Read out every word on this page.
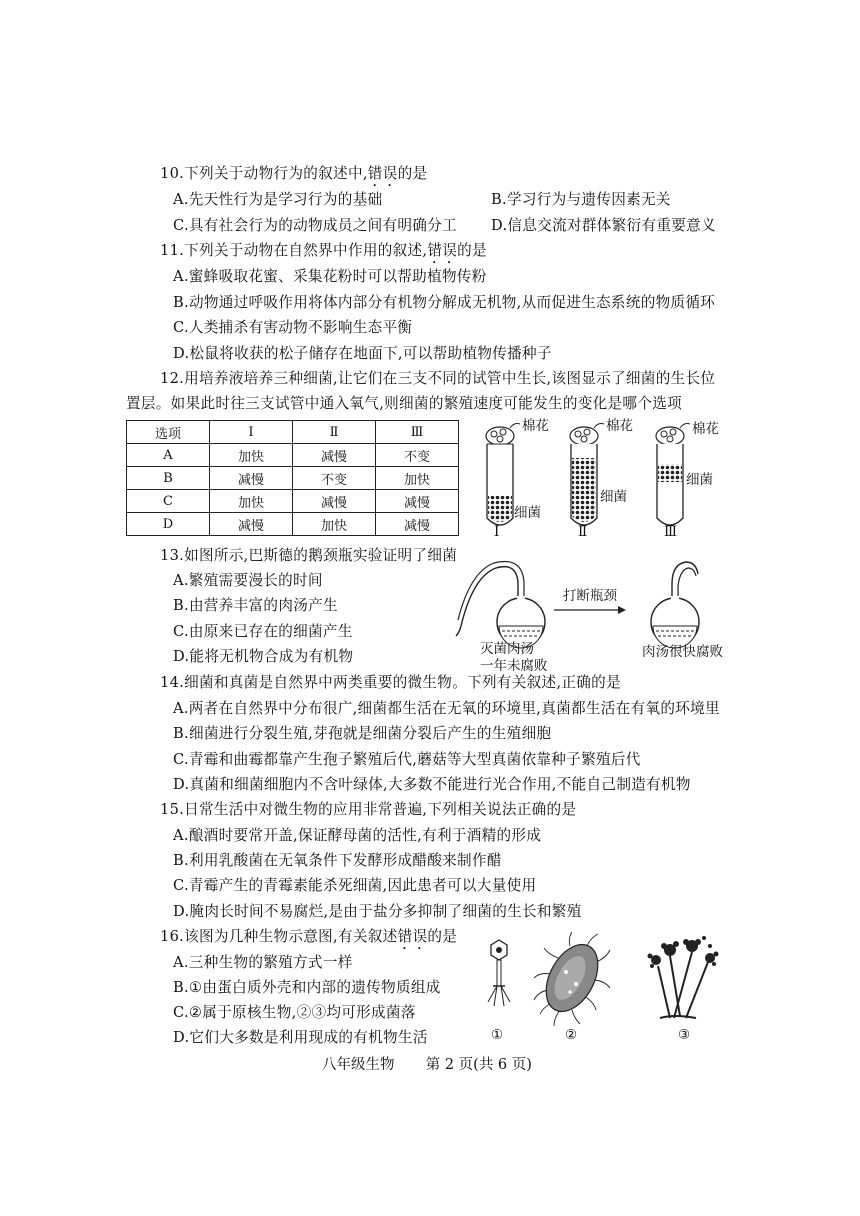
10.下列关于动物行为的叙述中,错误的是
A.先天性行为是学习行为的基础	B.学习行为与遗传因素无关
C.具有社会行为的动物成员之间有明确分工 D.信息交流对群体繁衍有重要意义
11.下列关于动物在自然界中作用的叙述,错误的是
A.蜜蜂吸取花蜜、采集花粉时可以帮助植物传粉
B.动物通过呼吸作用将体内部分有机物分解成无机物,从而促进生态系统的物质循环
C.人类捕杀有害动物不影响生态平衡
D.松鼠将收获的松子储存在地面下,可以帮助植物传播种子
12.用培养液培养三种细菌,让它们在三支不同的试管中生长,该图显示了细菌的生长位
置层。如果此时往三支试管中通入氧气,则细菌的繁殖速度可能发生的变化是哪个选项
选项	Ⅰ	Ⅱ	Ⅲ
A	加快	减慢	不变
B	减慢	不变	加快
C	加快	减慢	减慢
D	减慢	加快	减慢
棉花	棉花	棉花
细菌
细菌
细菌
Ⅰ	Ⅱ	Ⅲ
13.如图所示,巴斯德的鹅颈瓶实验证明了细菌
A.繁殖需要漫长的时间
B.由营养丰富的肉汤产生
C.由原来已存在的细菌产生
D.能将无机物合成为有机物
打断瓶颈
灭菌肉汤
一年未腐败
肉汤很快腐败
14.细菌和真菌是自然界中两类重要的微生物。下列有关叙述,正确的是
A.两者在自然界中分布很广,细菌都生活在无氧的环境里,真菌都生活在有氧的环境里
B.细菌进行分裂生殖,芽孢就是细菌分裂后产生的生殖细胞
C.青霉和曲霉都靠产生孢子繁殖后代,蘑菇等大型真菌依靠种子繁殖后代
D.真菌和细菌细胞内不含叶绿体,大多数不能进行光合作用,不能自己制造有机物
15.日常生活中对微生物的应用非常普遍,下列相关说法正确的是
A.酿酒时要常开盖,保证酵母菌的活性,有利于酒精的形成
B.利用乳酸菌在无氧条件下发酵形成醋酸来制作醋
C.青霉产生的青霉素能杀死细菌,因此患者可以大量使用
D.腌肉长时间不易腐烂,是由于盐分多抑制了细菌的生长和繁殖
16.该图为几种生物示意图,有关叙述错误的是
A.三种生物的繁殖方式一样
B.①由蛋白质外壳和内部的遗传物质组成
C.②属于原核生物,②③均可形成菌落
D.它们大多数是利用现成的有机物生活	①	②	③
八年级生物 第 2 页(共 6 页)
